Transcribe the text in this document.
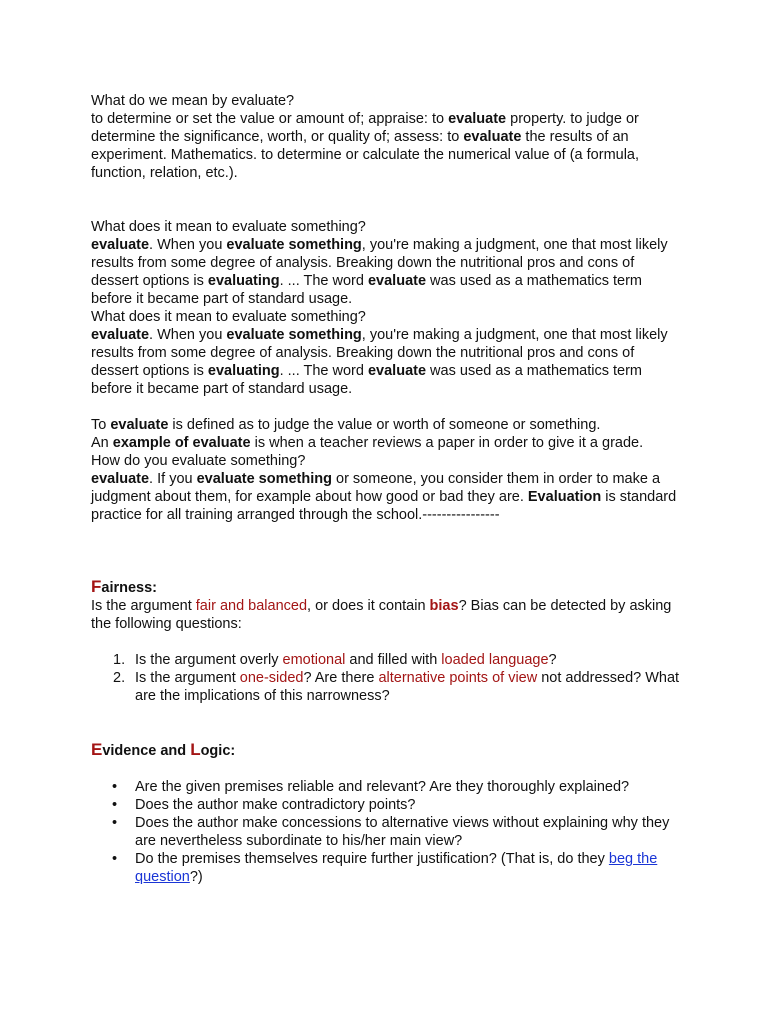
What do we mean by evaluate?

to determine or set the value or amount of; appraise: to evaluate property. to judge or determine the significance, worth, or quality of; assess: to evaluate the results of an experiment. Mathematics. to determine or calculate the numerical value of (a formula, function, relation, etc.).

What does it mean to evaluate something?

evaluate. When you evaluate something, you're making a judgment, one that most likely results from some degree of analysis. Breaking down the nutritional pros and cons of dessert options is evaluating. ... The word evaluate was used as a mathematics term before it became part of standard usage.

What does it mean to evaluate something?

evaluate. When you evaluate something, you're making a judgment, one that most likely results from some degree of analysis. Breaking down the nutritional pros and cons of dessert options is evaluating. ... The word evaluate was used as a mathematics term before it became part of standard usage.

To evaluate is defined as to judge the value or worth of someone or something.

An example of evaluate is when a teacher reviews a paper in order to give it a grade.

How do you evaluate something?

evaluate. If you evaluate something or someone, you consider them in order to make a judgment about them, for example about how good or bad they are. Evaluation is standard practice for all training arranged through the school.----------------

Fairness:

Is the argument fair and balanced, or does it contain bias? Bias can be detected by asking the following questions:

1. Is the argument overly emotional and filled with loaded language?
2. Is the argument one-sided? Are there alternative points of view not addressed? What are the implications of this narrowness?
Evidence and Logic:
• Are the given premises reliable and relevant? Are they thoroughly explained?
• Does the author make contradictory points?
• Does the author make concessions to alternative views without explaining why they are nevertheless subordinate to his/her main view?
• Do the premises themselves require further justification? (That is, do they beg the question?)
